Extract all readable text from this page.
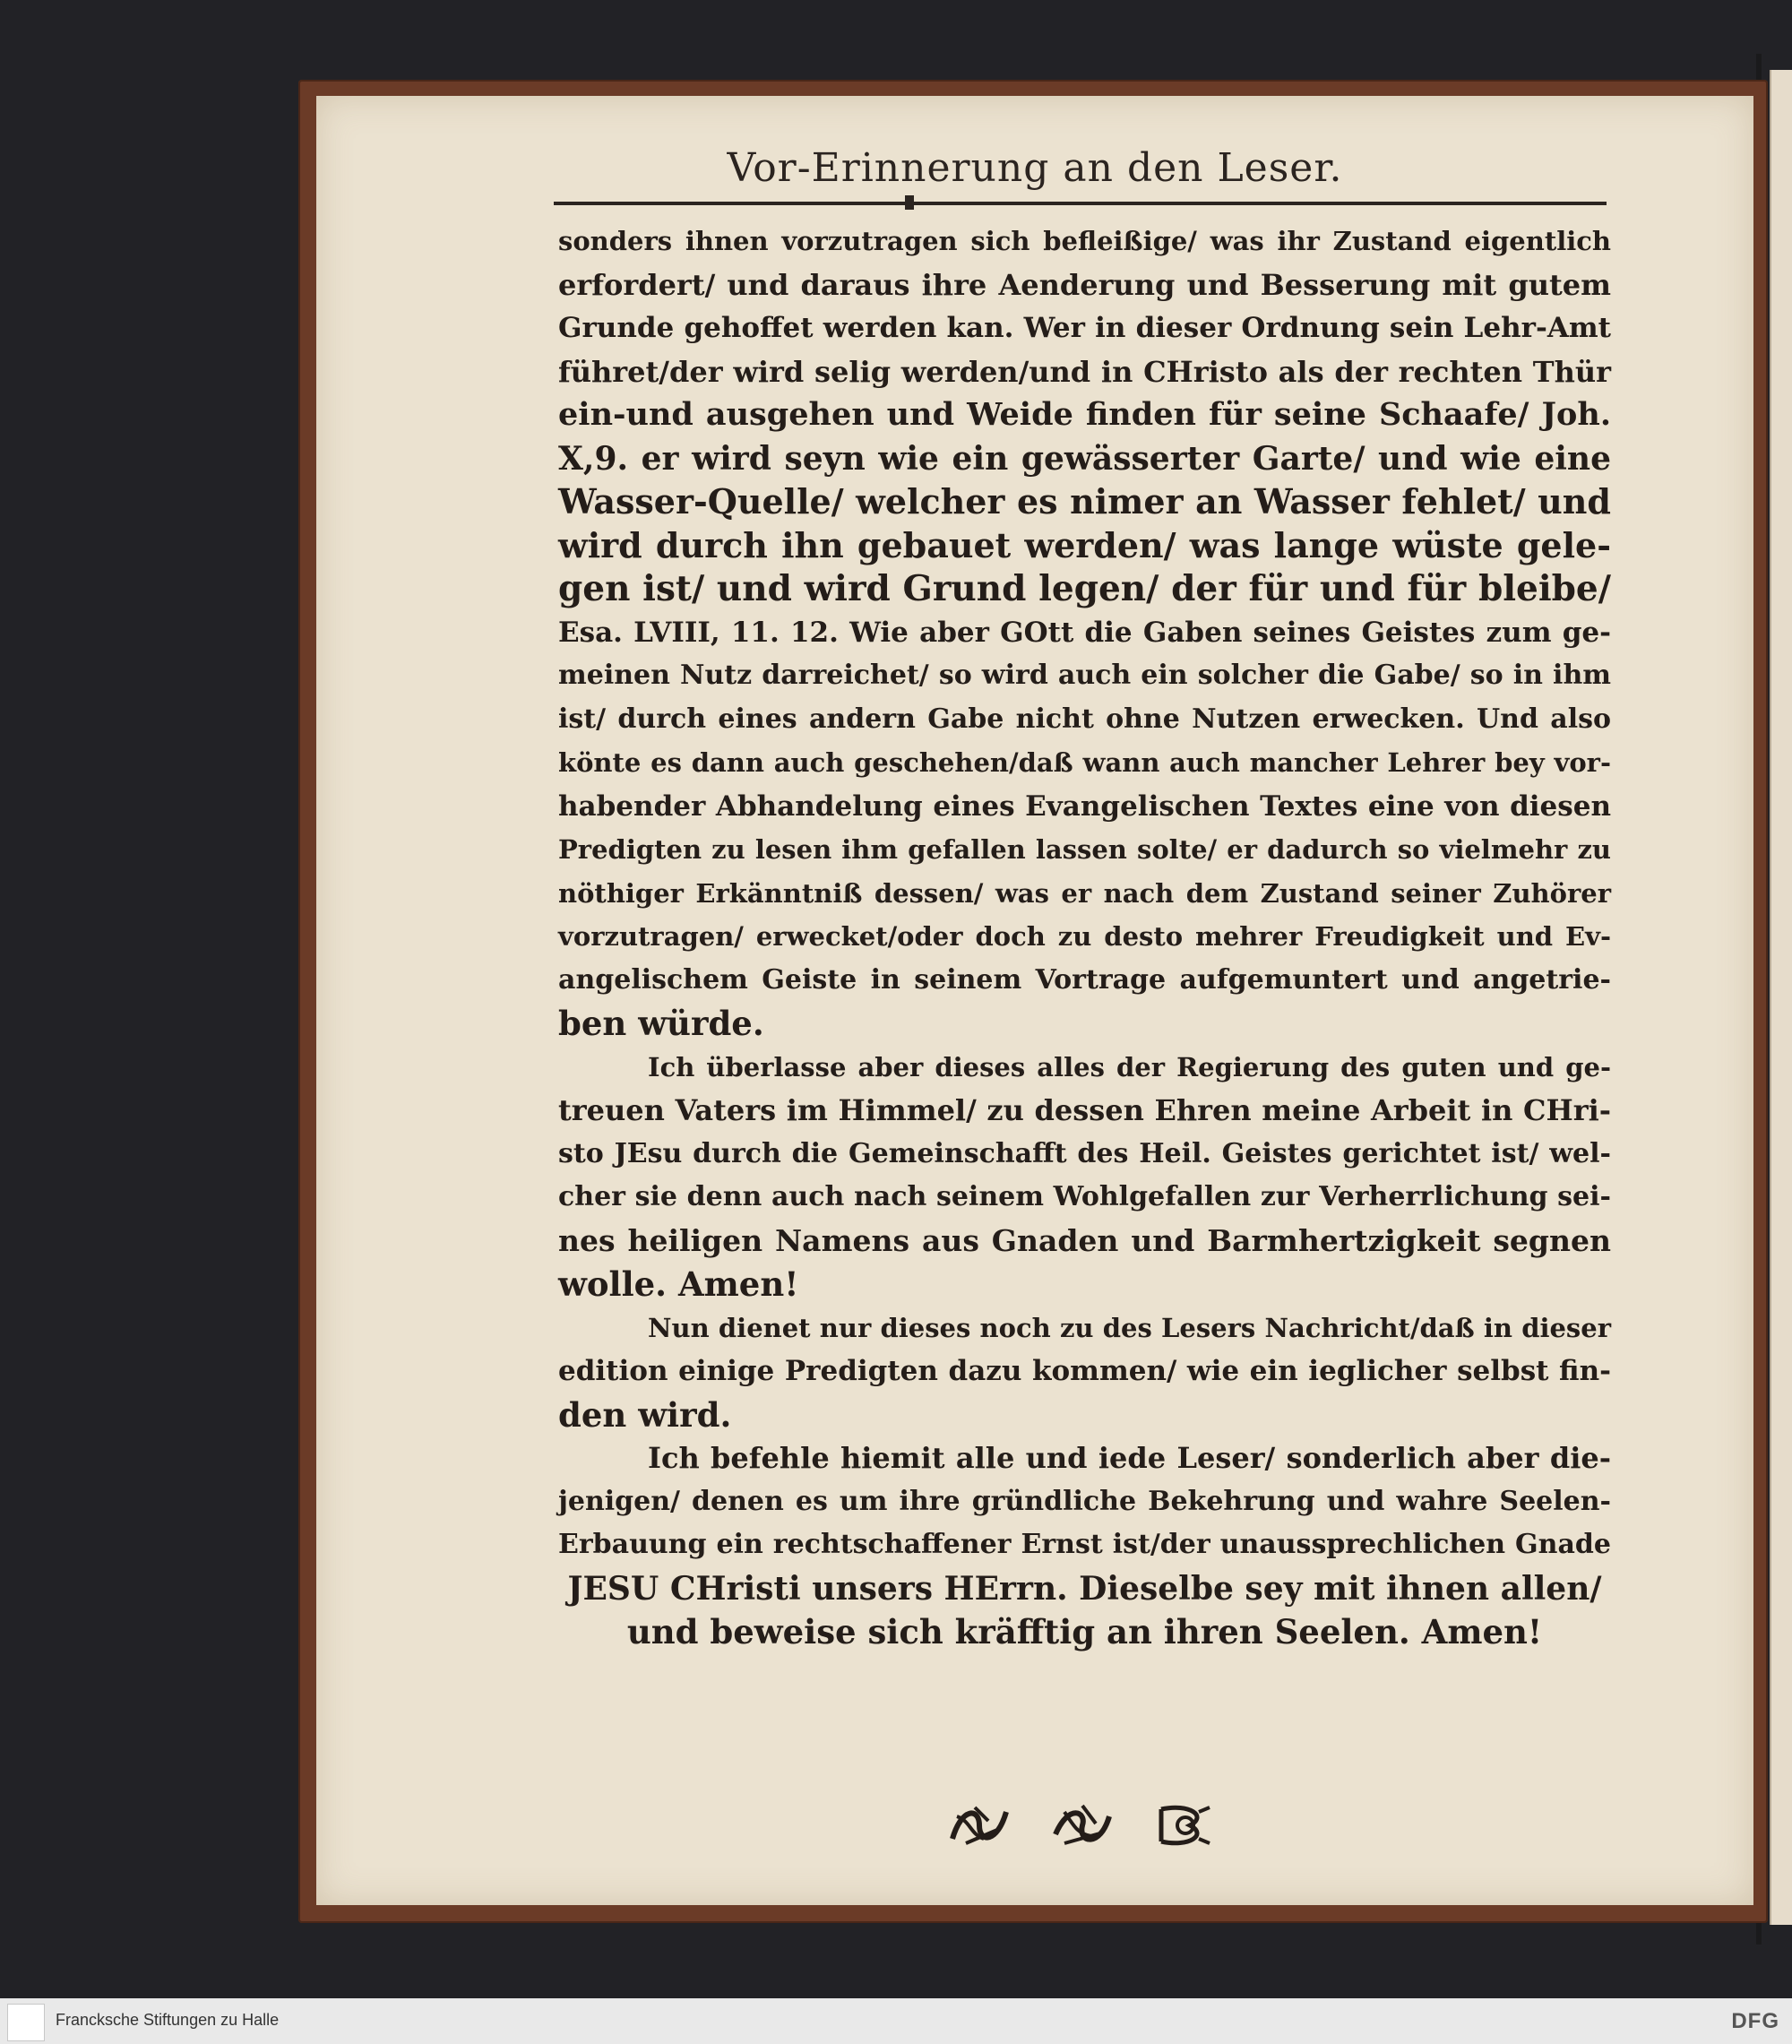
Vor-Erinnerung an den Leser.
sonders ihnen vorzutragen sich befleißige/ was ihr Zustand eigentlich
erfordert/ und daraus ihre Aenderung und Besserung mit gutem
Grunde gehoffet werden kan. Wer in dieser Ordnung sein Lehr-Amt
führet/der wird selig werden/und in CHristo als der rechten Thür
ein-und ausgehen und Weide finden für seine Schaafe/ Joh.
X,9. er wird seyn wie ein gewässerter Garte/ und wie eine
Wasser-Quelle/ welcher es nimer an Wasser fehlet/ und
wird durch ihn gebauet werden/ was lange wüste gele-
gen ist/ und wird Grund legen/ der für und für bleibe/
Esa. LVIII, 11. 12. Wie aber GOtt die Gaben seines Geistes zum ge-
meinen Nutz darreichet/ so wird auch ein solcher die Gabe/ so in ihm
ist/ durch eines andern Gabe nicht ohne Nutzen erwecken. Und also
könte es dann auch geschehen/daß wann auch mancher Lehrer bey vor-
habender Abhandelung eines Evangelischen Textes eine von diesen
Predigten zu lesen ihm gefallen lassen solte/ er dadurch so vielmehr zu
nöthiger Erkänntniß dessen/ was er nach dem Zustand seiner Zuhörer
vorzutragen/ erwecket/oder doch zu desto mehrer Freudigkeit und Ev-
angelischem Geiste in seinem Vortrage aufgemuntert und angetrie-
ben würde.
Ich überlasse aber dieses alles der Regierung des guten und ge-
treuen Vaters im Himmel/ zu dessen Ehren meine Arbeit in CHri-
sto JEsu durch die Gemeinschafft des Heil. Geistes gerichtet ist/ wel-
cher sie denn auch nach seinem Wohlgefallen zur Verherrlichung sei-
nes heiligen Namens aus Gnaden und Barmhertzigkeit segnen
wolle. Amen!
Nun dienet nur dieses noch zu des Lesers Nachricht/daß in dieser
edition einige Predigten dazu kommen/ wie ein ieglicher selbst fin-
den wird.
Ich befehle hiemit alle und iede Leser/ sonderlich aber die-
jenigen/ denen es um ihre gründliche Bekehrung und wahre Seelen-
Erbauung ein rechtschaffener Ernst ist/der unaussprechlichen Gnade
JESU CHristi unsers HErrn. Dieselbe sey mit ihnen allen/
und beweise sich kräfftig an ihren Seelen. Amen!
Francksche Stiftungen zu Halle	DFG
